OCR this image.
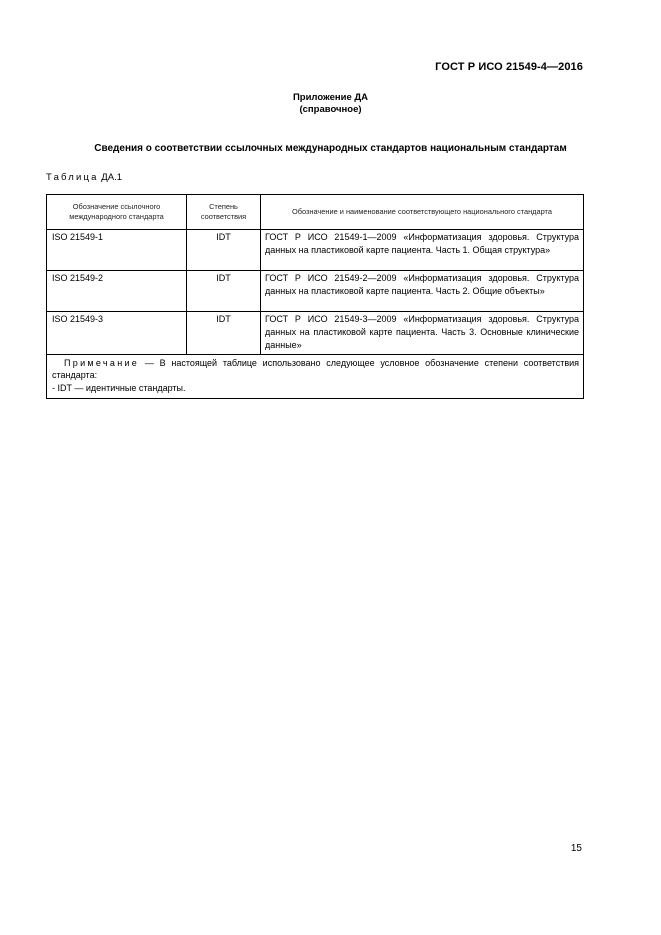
ГОСТ Р ИСО 21549-4—2016
Приложение ДА
(справочное)
Сведения о соответствии ссылочных международных стандартов национальным стандартам
Таблица ДА.1
Обозначение ссылочного международного стандарта	Степень соответствия	Обозначение и наименование соответствующего национального стандарта
ISO 21549-1	IDT	ГОСТ Р ИСО 21549-1—2009 «Информатизация здоровья. Структура данных на пластиковой карте пациента. Часть 1. Общая структура»
ISO 21549-2	IDT	ГОСТ Р ИСО 21549-2—2009 «Информатизация здоровья. Структура данных на пластиковой карте пациента. Часть 2. Общие объекты»
ISO 21549-3	IDT	ГОСТ Р ИСО 21549-3—2009 «Информатизация здоровья. Структура данных на пластиковой карте пациента. Часть 3. Основные клинические данные»

Примечание — В настоящей таблице использовано следующее условное обозначение степени соответствия стандарта:
- IDT — идентичные стандарты.		
15
